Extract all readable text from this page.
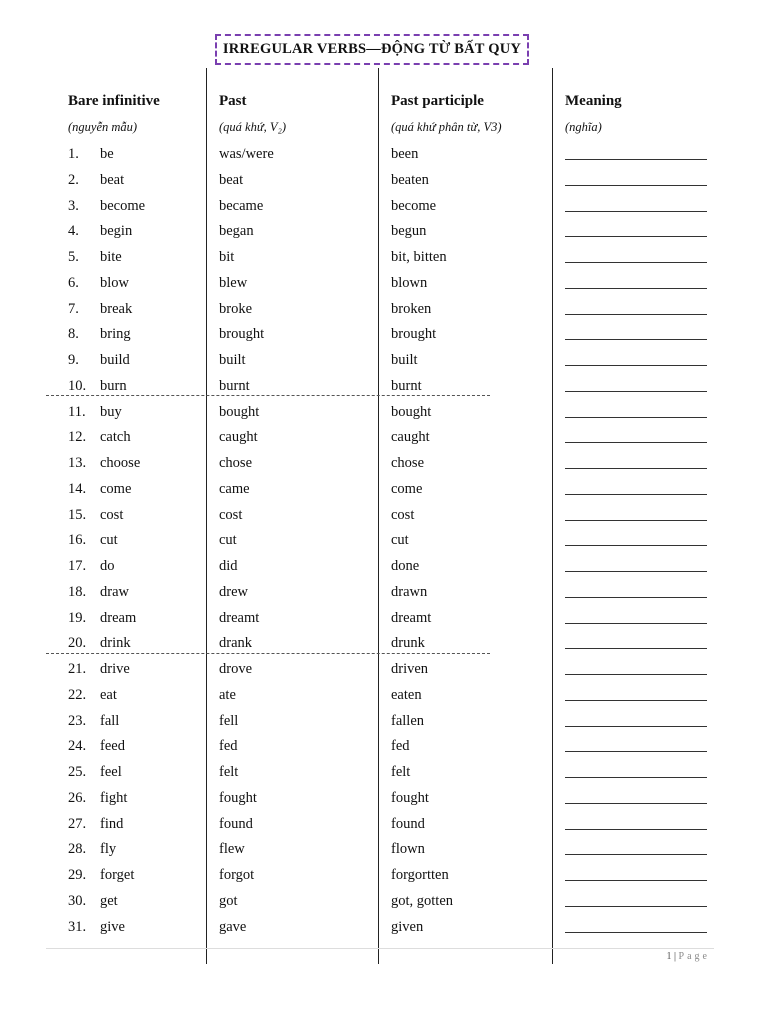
IRREGULAR VERBS—ĐỘNG TỪ BẤT QUY
Bare infinitive	Past	Past participle	Meaning
(nguyễn mẫu)	(quá khứ, V₂)	(quá khứ phân từ, V3)	(nghĩa)
1. be	was/were	been
2. beat	beat	beaten
3. become	became	become
4. begin	began	begun
5. bite	bit	bit, bitten
6. blow	blew	blown
7. break	broke	broken
8. bring	brought	brought
9. build	built	built
10. burn	burnt	burnt
11. buy	bought	bought
12. catch	caught	caught
13. choose	chose	chose
14. come	came	come
15. cost	cost	cost
16. cut	cut	cut
17. do	did	done
18. draw	drew	drawn
19. dream	dreamt	dreamt
20. drink	drank	drunk
21. drive	drove	driven
22. eat	ate	eaten
23. fall	fell	fallen
24. feed	fed	fed
25. feel	felt	felt
26. fight	fought	fought
27. find	found	found
28. fly	flew	flown
29. forget	forgot	forgortten
30. get	got	got, gotten
31. give	gave	given
1 | Page
